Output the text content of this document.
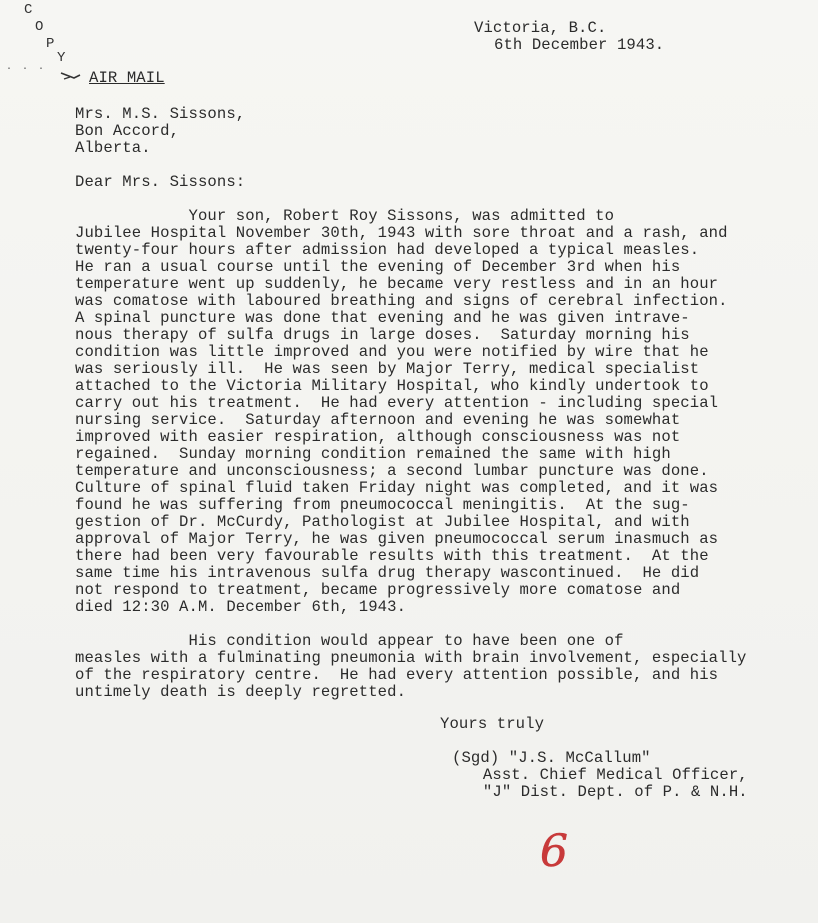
C
O
P
Y
· · ·
Victoria, B.C.
6th December 1943.
AIR MAIL
Mrs. M.S. Sissons,
Bon Accord,
Alberta.
Dear Mrs. Sissons:
Your son, Robert Roy Sissons, was admitted to
Jubilee Hospital November 30th, 1943 with sore throat and a rash, and
twenty-four hours after admission had developed a typical measles.
He ran a usual course until the evening of December 3rd when his
temperature went up suddenly, he became very restless and in an hour
was comatose with laboured breathing and signs of cerebral infection.
A spinal puncture was done that evening and he was given intrave-
nous therapy of sulfa drugs in large doses.  Saturday morning his
condition was little improved and you were notified by wire that he
was seriously ill.  He was seen by Major Terry, medical specialist
attached to the Victoria Military Hospital, who kindly undertook to
carry out his treatment.  He had every attention - including special
nursing service.  Saturday afternoon and evening he was somewhat
improved with easier respiration, although consciousness was not
regained.  Sunday morning condition remained the same with high
temperature and unconsciousness; a second lumbar puncture was done.
Culture of spinal fluid taken Friday night was completed, and it was
found he was suffering from pneumococcal meningitis.  At the sug-
gestion of Dr. McCurdy, Pathologist at Jubilee Hospital, and with
approval of Major Terry, he was given pneumococcal serum inasmuch as
there had been very favourable results with this treatment.  At the
same time his intravenous sulfa drug therapy wascontinued.  He did
not respond to treatment, became progressively more comatose and
died 12:30 A.M. December 6th, 1943.
His condition would appear to have been one of
measles with a fulminating pneumonia with brain involvement, especially
of the respiratory centre.  He had every attention possible, and his
untimely death is deeply regretted.
Yours truly
(Sgd) "J.S. McCallum"
Asst. Chief Medical Officer,
"J" Dist. Dept. of P. & N.H.
6
